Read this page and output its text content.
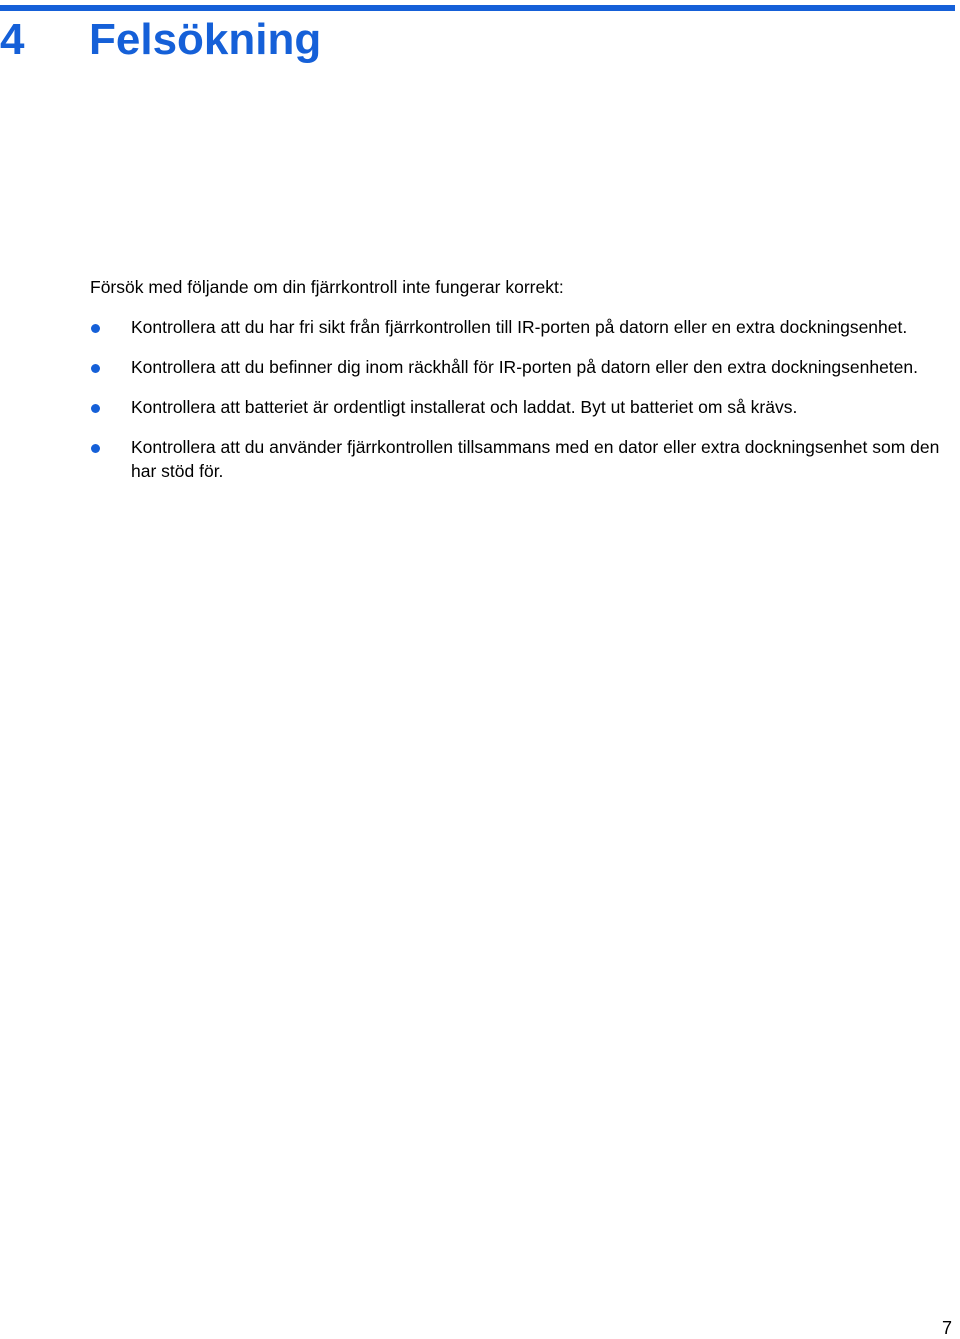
4	Felsökning

Försök med följande om din fjärrkontroll inte fungerar korrekt:

Kontrollera att du har fri sikt från fjärrkontrollen till IR-porten på datorn eller en extra dockningsenhet.
Kontrollera att du befinner dig inom räckhåll för IR-porten på datorn eller den extra dockningsenheten.
Kontrollera att batteriet är ordentligt installerat och laddat. Byt ut batteriet om så krävs.
Kontrollera att du använder fjärrkontrollen tillsammans med en dator eller extra dockningsenhet som den har stöd för.
7
